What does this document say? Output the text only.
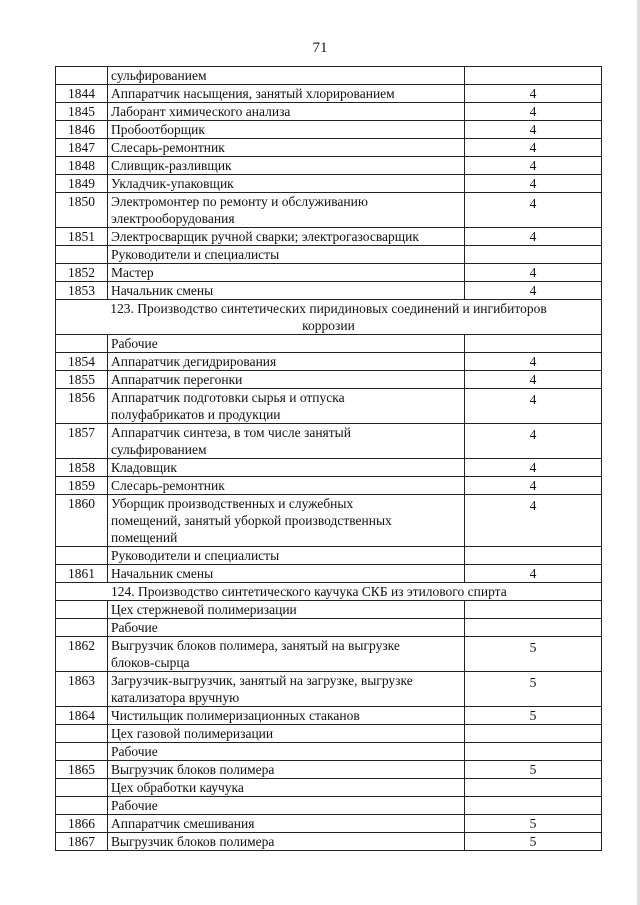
71
	сульфированием	
1844	Аппаратчик насыщения, занятый хлорированием	4
1845	Лаборант химического анализа	4
1846	Пробоотборщик	4
1847	Слесарь-ремонтник	4
1848	Сливщик-разливщик	4
1849	Укладчик-упаковщик	4
1850	Электромонтер по ремонту и обслуживанию
электрооборудования	4
1851	Электросварщик ручной сварки; электрогазосварщик	4
	Руководители и специалисты	
1852	Мастер	4
1853	Начальник смены	4
123. Производство синтетических пиридиновых соединений и ингибиторов
коррозии		
	Рабочие	
1854	Аппаратчик дегидрирования	4
1855	Аппаратчик перегонки	4
1856	Аппаратчик подготовки сырья и отпуска
полуфабрикатов и продукции	4
1857	Аппаратчик синтеза, в том числе занятый
сульфированием	4
1858	Кладовщик	4
1859	Слесарь-ремонтник	4
1860	Уборщик производственных и служебных
помещений, занятый уборкой производственных
помещений	4
	Руководители и специалисты	
1861	Начальник смены	4
124. Производство синтетического каучука СКБ из этилового спирта		
	Цех стержневой полимеризации	
	Рабочие	
1862	Выгрузчик блоков полимера, занятый на выгрузке
блоков-сырца	5
1863	Загрузчик-выгрузчик, занятый на загрузке, выгрузке
катализатора вручную	5
1864	Чистильщик полимеризационных стаканов	5
	Цех газовой полимеризации	
	Рабочие	
1865	Выгрузчик блоков полимера	5
	Цех обработки каучука	
	Рабочие	
1866	Аппаратчик смешивания	5
1867	Выгрузчик блоков полимера	5
